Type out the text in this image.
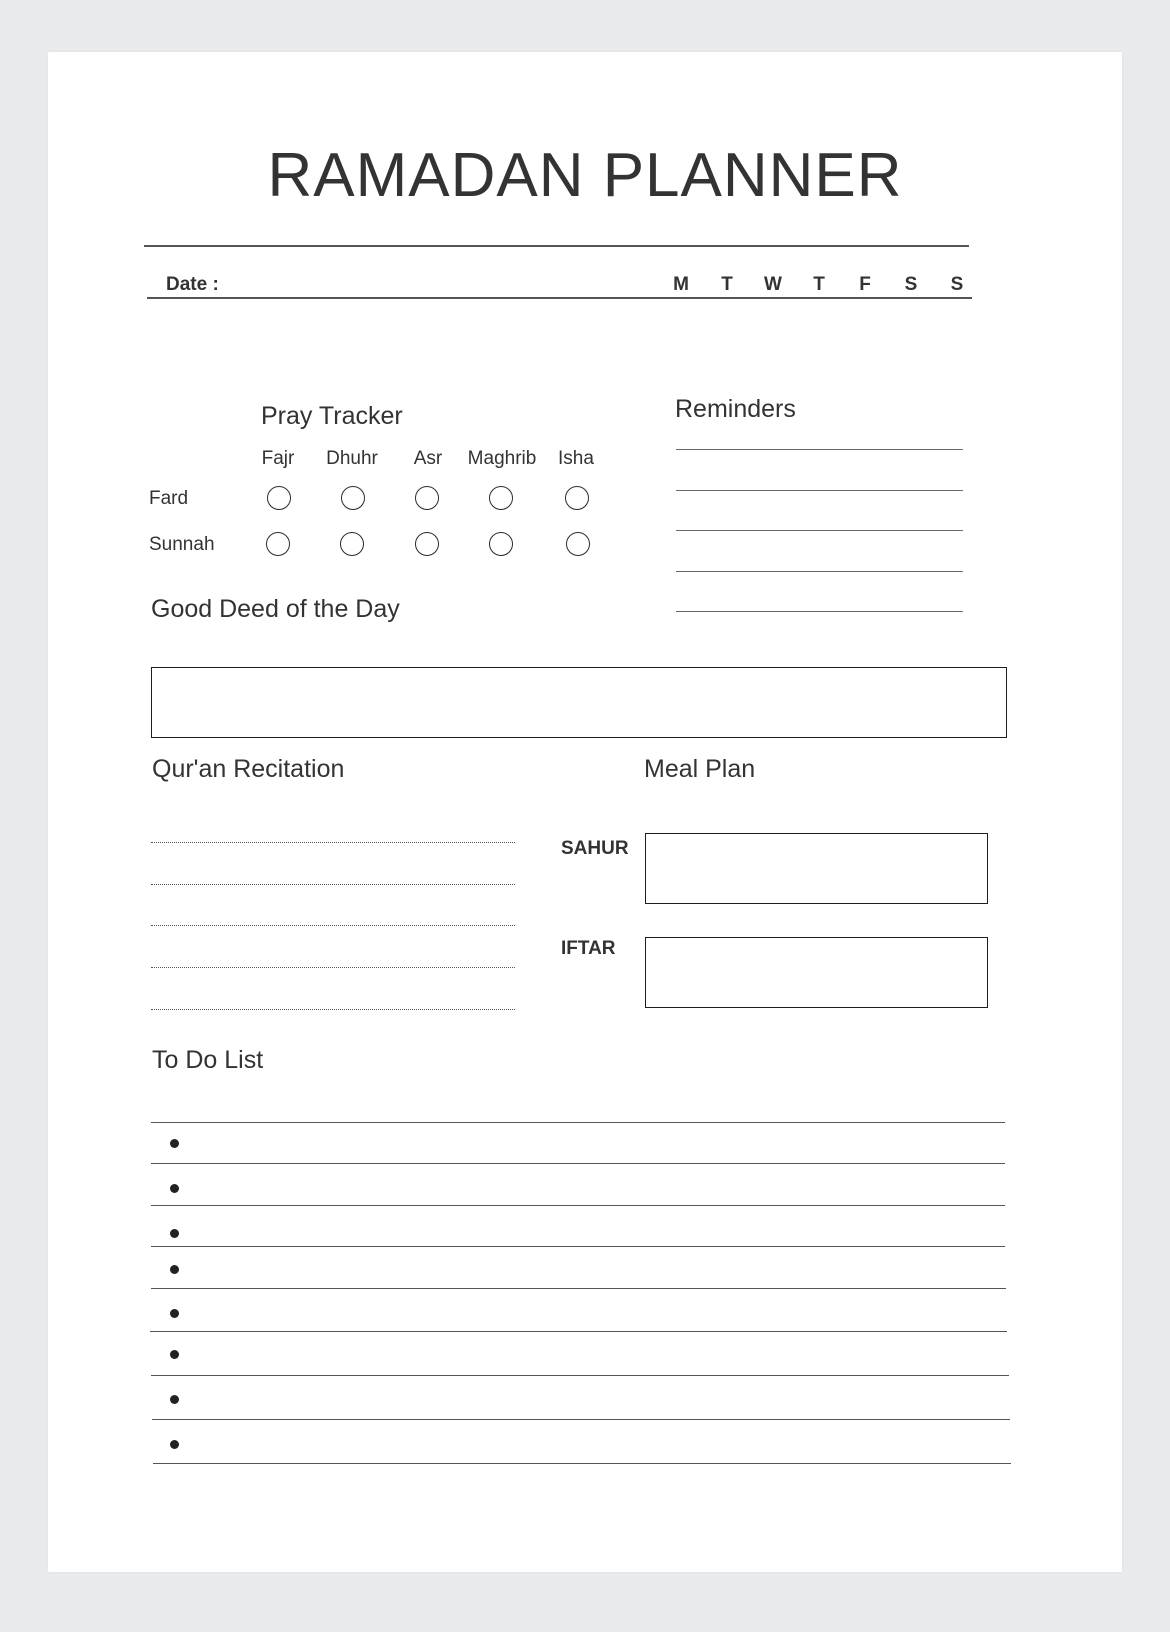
RAMADAN PLANNER
Date :	M	T	W	T	F	S	S
Pray Tracker
Fajr Dhuhr Asr Maghrib Isha
Fard
Sunnah
Reminders
Good Deed of the Day
Qur'an Recitation	Meal Plan
SAHUR
IFTAR
To Do List
